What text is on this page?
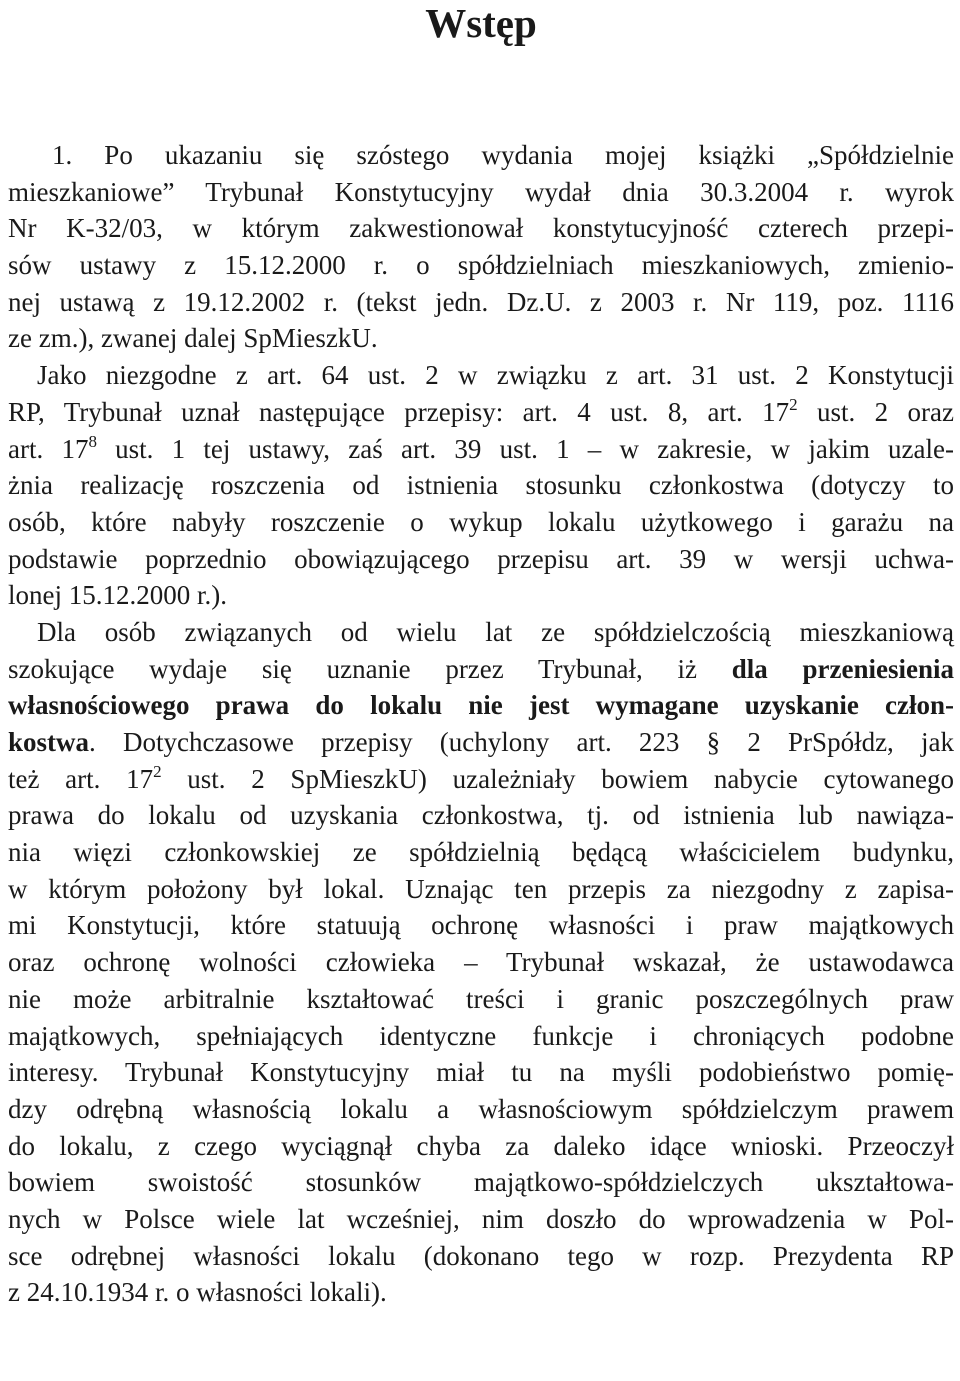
Wstęp
1. Po ukazaniu się szóstego wydania mojej książki „Spółdzielnie
mieszkaniowe” Trybunał Konstytucyjny wydał dnia 30.3.2004 r. wyrok
Nr K-32/03, w którym zakwestionował konstytucyjność czterech przepi-
sów ustawy z 15.12.2000 r. o spółdzielniach mieszkaniowych, zmienio-
nej ustawą z 19.12.2002 r. (tekst jedn. Dz.U. z 2003 r. Nr 119, poz. 1116
ze zm.), zwanej dalej SpMieszkU.
Jako niezgodne z art. 64 ust. 2 w związku z art. 31 ust. 2 Konstytucji
RP, Trybunał uznał następujące przepisy: art. 4 ust. 8, art. $17^2$ ust. 2 oraz
art. $17^8$ ust. 1 tej ustawy, zaś art. 39 ust. 1 – w zakresie, w jakim uzale-
żnia realizację roszczenia od istnienia stosunku członkostwa (dotyczy to
osób, które nabyły roszczenie o wykup lokalu użytkowego i garażu na
podstawie poprzednio obowiązującego przepisu art. 39 w wersji uchwa-
lonej 15.12.2000 r.).
Dla osób związanych od wielu lat ze spółdzielczością mieszkaniową
szokujące wydaje się uznanie przez Trybunał, iż dla przeniesienia
własnościowego prawa do lokalu nie jest wymagane uzyskanie człon-
kostwa. Dotychczasowe przepisy (uchylony art. 223 § 2 PrSpółdz, jak
też art. $17^2$ ust. 2 SpMieszkU) uzależniały bowiem nabycie cytowanego
prawa do lokalu od uzyskania członkostwa, tj. od istnienia lub nawiąza-
nia więzi członkowskiej ze spółdzielnią będącą właścicielem budynku,
w którym położony był lokal. Uznając ten przepis za niezgodny z zapisa-
mi Konstytucji, które statuują ochronę własności i praw majątkowych
oraz ochronę wolności człowieka – Trybunał wskazał, że ustawodawca
nie może arbitralnie kształtować treści i granic poszczególnych praw
majątkowych, spełniających identyczne funkcje i chroniących podobne
interesy. Trybunał Konstytucyjny miał tu na myśli podobieństwo pomię-
dzy odrębną własnością lokalu a własnościowym spółdzielczym prawem
do lokalu, z czego wyciągnął chyba za daleko idące wnioski. Przeoczył
bowiem swoistość stosunków majątkowo-spółdzielczych ukształtowa-
nych w Polsce wiele lat wcześniej, nim doszło do wprowadzenia w Pol-
sce odrębnej własności lokalu (dokonano tego w rozp. Prezydenta RP
z 24.10.1934 r. o własności lokali).
